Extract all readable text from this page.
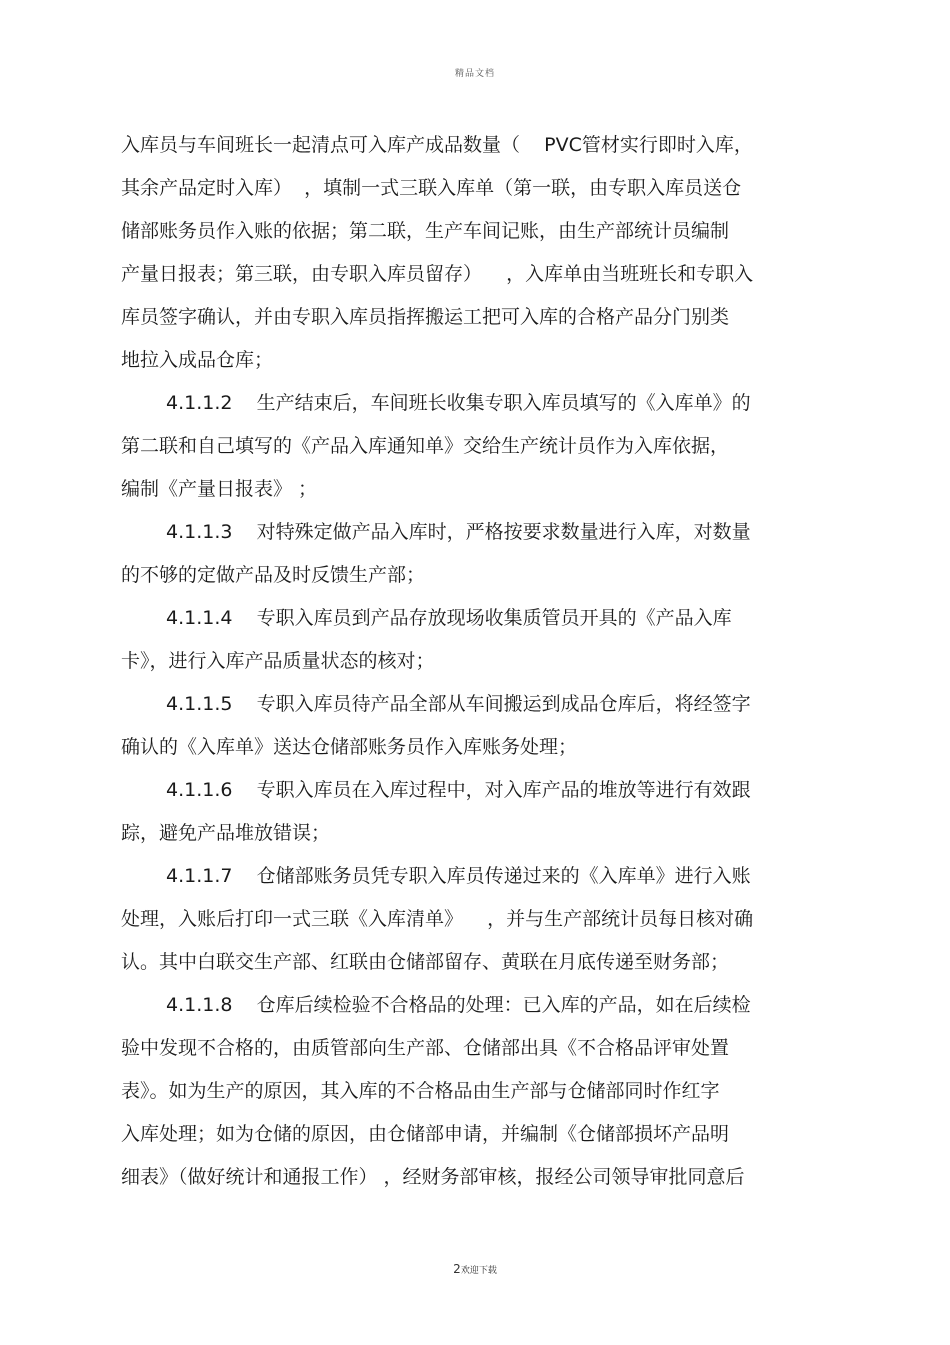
精品文档

入库员与车间班长一起清点可入库产成品数量（    PVC管材实行即时入库，

其余产品定时入库）  ，填制一式三联入库单（第一联，由专职入库员送仓

储部账务员作入账的依据；第二联，生产车间记账，由生产部统计员编制

产量日报表；第三联，由专职入库员留存）    ，入库单由当班班长和专职入

库员签字确认，并由专职入库员指挥搬运工把可入库的合格产品分门别类

地拉入成品仓库；

4.1.1.2    生产结束后，车间班长收集专职入库员填写的《入库单》的

第二联和自己填写的《产品入库通知单》交给生产统计员作为入库依据，

编制《产量日报表》 ；

4.1.1.3    对特殊定做产品入库时，严格按要求数量进行入库，对数量

的不够的定做产品及时反馈生产部；

4.1.1.4    专职入库员到产品存放现场收集质管员开具的《产品入库

卡》，进行入库产品质量状态的核对；

4.1.1.5    专职入库员待产品全部从车间搬运到成品仓库后，将经签字

确认的《入库单》送达仓储部账务员作入库账务处理；

4.1.1.6    专职入库员在入库过程中，对入库产品的堆放等进行有效跟

踪，避免产品堆放错误；

4.1.1.7    仓储部账务员凭专职入库员传递过来的《入库单》进行入账

处理，入账后打印一式三联《入库清单》    ，并与生产部统计员每日核对确

认。其中白联交生产部、红联由仓储部留存、黄联在月底传递至财务部；

4.1.1.8    仓库后续检验不合格品的处理：已入库的产品，如在后续检

验中发现不合格的，由质管部向生产部、仓储部出具《不合格品评审处置

表》。如为生产的原因，其入库的不合格品由生产部与仓储部同时作红字

入库处理；如为仓储的原因，由仓储部申请，并编制《仓储部损坏产品明

细表》（做好统计和通报工作） ，经财务部审核，报经公司领导审批同意后

2欢迎下载
